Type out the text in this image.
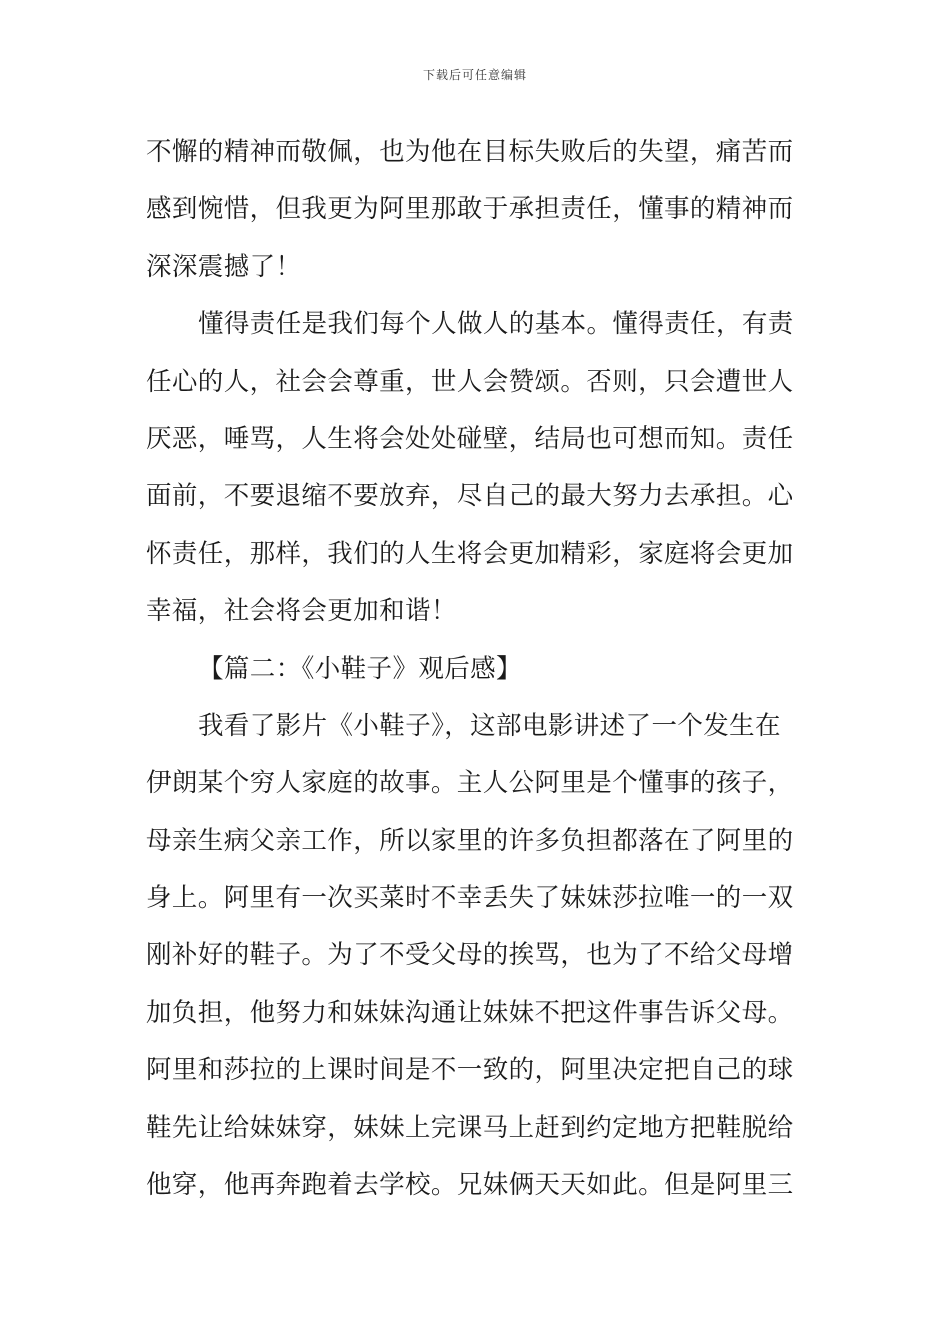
下载后可任意编辑
不懈的精神而敬佩，也为他在目标失败后的失望，痛苦而
感到惋惜，但我更为阿里那敢于承担责任，懂事的精神而
深深震撼了！
懂得责任是我们每个人做人的基本。懂得责任，有责
任心的人，社会会尊重，世人会赞颂。否则，只会遭世人
厌恶，唾骂，人生将会处处碰壁，结局也可想而知。责任
面前，不要退缩不要放弃，尽自己的最大努力去承担。心
怀责任，那样，我们的人生将会更加精彩，家庭将会更加
幸福，社会将会更加和谐！
【篇二：《小鞋子》观后感】
我看了影片《小鞋子》，这部电影讲述了一个发生在
伊朗某个穷人家庭的故事。主人公阿里是个懂事的孩子，
母亲生病父亲工作，所以家里的许多负担都落在了阿里的
身上。阿里有一次买菜时不幸丢失了妹妹莎拉唯一的一双
刚补好的鞋子。为了不受父母的挨骂，也为了不给父母增
加负担，他努力和妹妹沟通让妹妹不把这件事告诉父母。
阿里和莎拉的上课时间是不一致的，阿里决定把自己的球
鞋先让给妹妹穿，妹妹上完课马上赶到约定地方把鞋脱给
他穿，他再奔跑着去学校。兄妹俩天天如此。但是阿里三
